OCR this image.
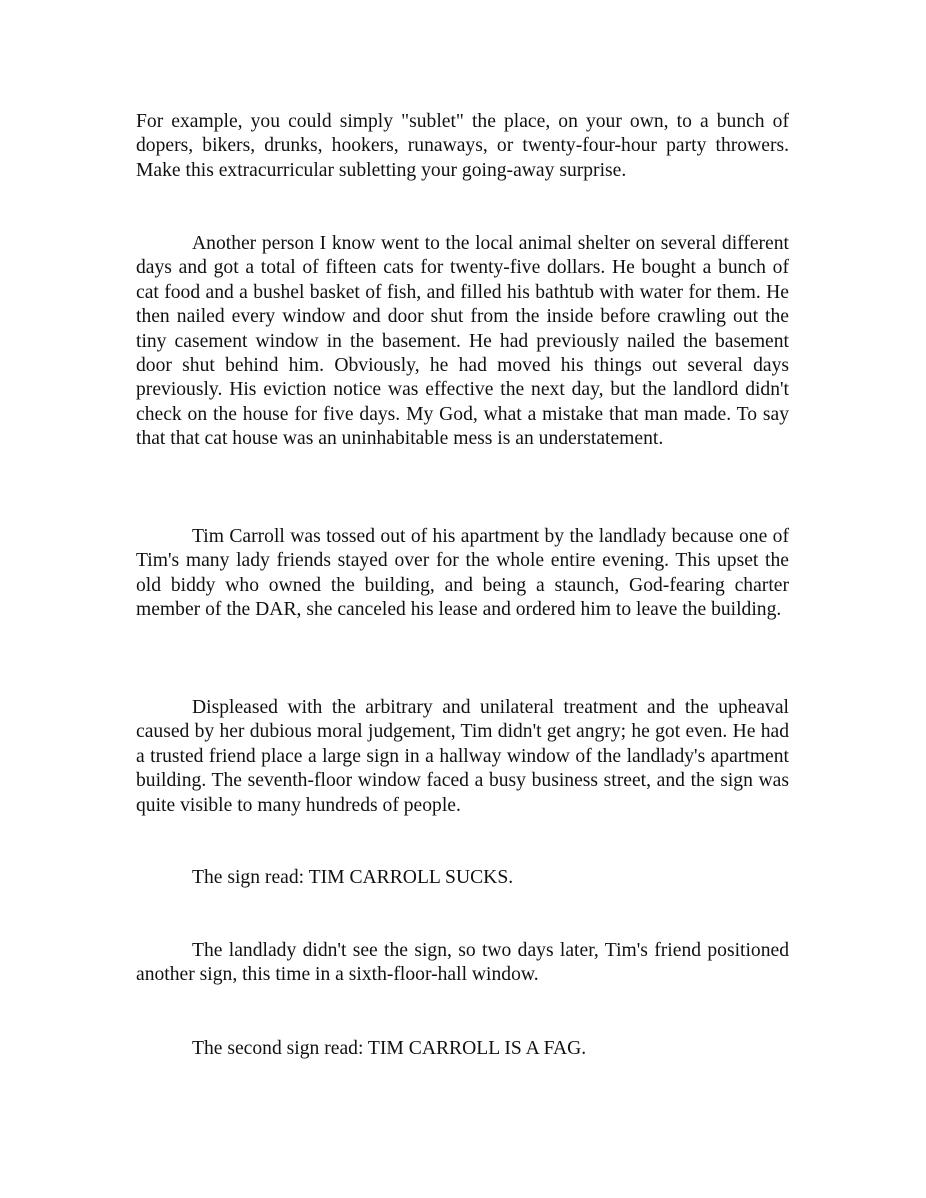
For example, you could simply "sublet" the place, on your own, to a bunch of dopers, bikers, drunks, hookers, runaways, or twenty-four-hour party throwers. Make this extracurricular subletting your going-away surprise.

Another person I know went to the local animal shelter on several different days and got a total of fifteen cats for twenty-five dollars. He bought a bunch of cat food and a bushel basket of fish, and filled his bathtub with water for them. He then nailed every window and door shut from the inside before crawling out the tiny casement window in the basement. He had previously nailed the basement door shut behind him. Obviously, he had moved his things out several days previously. His eviction notice was effective the next day, but the landlord didn't check on the house for five days. My God, what a mistake that man made. To say that that cat house was an uninhabitable mess is an understatement.

Tim Carroll was tossed out of his apartment by the landlady because one of Tim's many lady friends stayed over for the whole entire evening. This upset the old biddy who owned the building, and being a staunch, God-fearing charter member of the DAR, she canceled his lease and ordered him to leave the building.

Displeased with the arbitrary and unilateral treatment and the upheaval caused by her dubious moral judgement, Tim didn't get angry; he got even. He had a trusted friend place a large sign in a hallway window of the landlady's apartment building. The seventh-floor window faced a busy business street, and the sign was quite visible to many hundreds of people.

The sign read: TIM CARROLL SUCKS.

The landlady didn't see the sign, so two days later, Tim's friend positioned another sign, this time in a sixth-floor-hall window.

The second sign read: TIM CARROLL IS A FAG.
